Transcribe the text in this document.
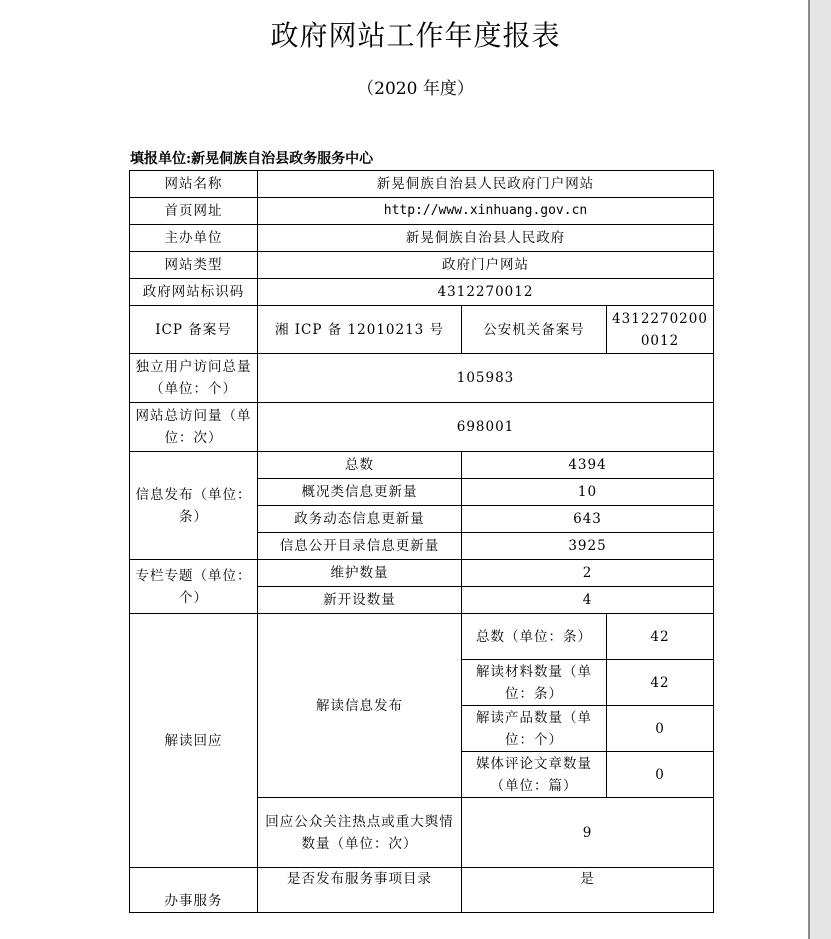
政府网站工作年度报表
（2020 年度）
填报单位:新晃侗族自治县政务服务中心
网站名称	新晃侗族自治县人民政府门户网站		
首页网址	http://www.xinhuang.gov.cn		
主办单位	新晃侗族自治县人民政府		
网站类型	政府门户网站		
政府网站标识码	4312270012		
ICP 备案号	湘 ICP 备 12010213 号	公安机关备案号	43122702000012
独立用户访问总量（单位：个）	105983		
网站总访问量（单位：次）	698001		
信息发布（单位：条）	总数	4394	
	概况类信息更新量	10	
	政务动态信息更新量	643	
	信息公开目录信息更新量	3925	
专栏专题（单位：个）	维护数量	2	
	新开设数量	4	
解读回应	解读信息发布	总数（单位：条）	42
		解读材料数量（单位：条）	42
		解读产品数量（单位：个）	0
		媒体评论文章数量（单位：篇）	0
	回应公众关注热点或重大舆情数量（单位：次）	9	
办事服务	是否发布服务事项目录	是	
